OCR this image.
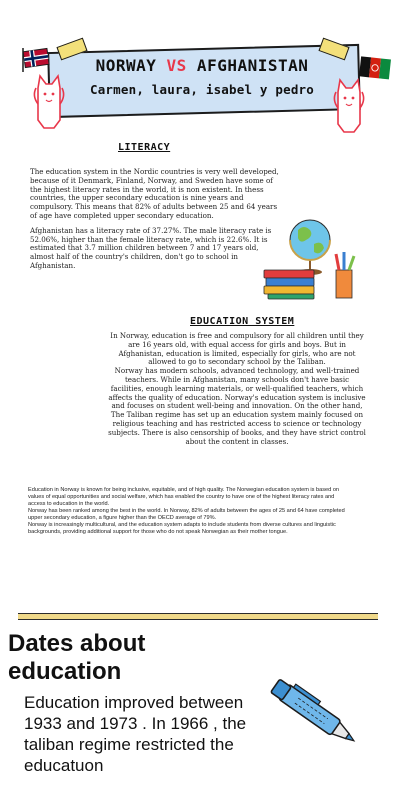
NORWAY VS AFGHANISTAN
Carmen, laura, isabel y pedro
LITERACY

The education system in the Nordic countries is very well developed, because of it Denmark, Finland, Norway, and Sweden have some of the highest literacy rates in the world, it is non existent. In thess countries, the upper secondary education is nine years and compulsory. This means that 82% of adults between 25 and 64 years of age have completed upper secondary education.

Afghanistan has a literacy rate of 37.27%. The male literacy rate is 52.06%, higher than the female literacy rate, which is 22.6%. It is estimated that 3.7 million children between 7 and 17 years old, almost half of the country's children, don't go to school in Afghanistan.

EDUCATION SYSTEM

In Norway, education is free and compulsory for all children until they are 16 years old, with equal access for girls and boys. But in Afghanistan, education is limited, especially for girls, who are not allowed to go to secondary school by the Taliban.

Norway has modern schools, advanced technology, and well-trained teachers. While in Afghanistan, many schools don't have basic facilities, enough learning materials, or well-qualified teachers, which affects the quality of education. Norway's education system is inclusive and focuses on student well-being and innovation. On the other hand, The Taliban regime has set up an education system mainly focused on religious teaching and has restricted access to science or technology subjects. There is also censorship of books, and they have strict control about the content in classes.

Education in Norway is known for being inclusive, equitable, and of high quality. The Norwegian education system is based on values of equal opportunities and social welfare, which has enabled the country to have one of the highest literacy rates and access to education in the world.
Norway has been ranked among the best in the world. In Norway, 82% of adults between the ages of 25 and 64 have completed upper secondary education, a figure higher than the OECD average of 79%.
Norway is increasingly multicultural, and the education system adapts to include students from diverse cultures and linguistic backgrounds, providing additional support for those who do not speak Norwegian as their mother tongue.
Dates about education
Education improved between 1933 and 1973 . In 1966 , the taliban regime restricted the educatuon
